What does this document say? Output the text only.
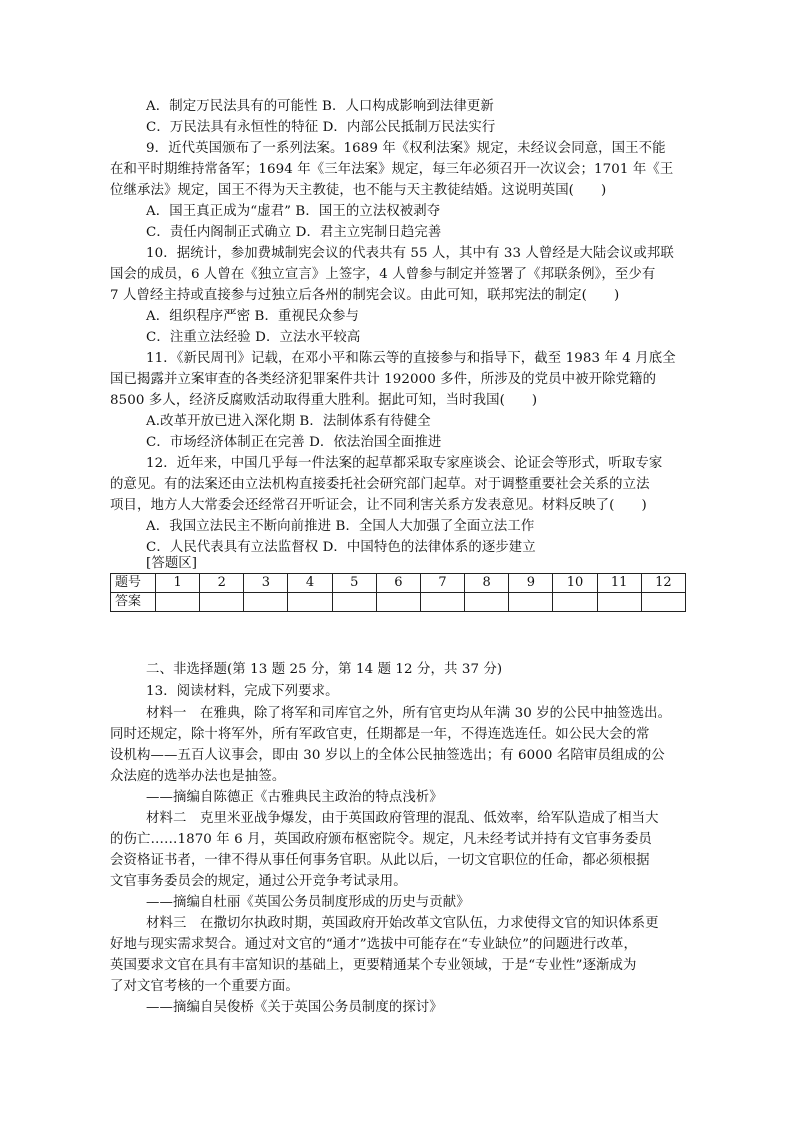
A．制定万民法具有的可能性 B．人口构成影响到法律更新
C．万民法具有永恒性的特征 D．内部公民抵制万民法实行
9．近代英国颁布了一系列法案。1689 年《权利法案》规定，未经议会同意，国王不能
在和平时期维持常备军；1694 年《三年法案》规定，每三年必须召开一次议会；1701 年《王
位继承法》规定，国王不得为天主教徒，也不能与天主教徒结婚。这说明英国(　　)
A．国王真正成为“虚君” B．国王的立法权被剥夺
C．责任内阁制正式确立 D．君主立宪制日趋完善
10．据统计，参加费城制宪会议的代表共有 55 人，其中有 33 人曾经是大陆会议或邦联
国会的成员，6 人曾在《独立宣言》上签字，4 人曾参与制定并签署了《邦联条例》，至少有
7 人曾经主持或直接参与过独立后各州的制宪会议。由此可知，联邦宪法的制定(　　)
A．组织程序严密 B．重视民众参与
C．注重立法经验 D．立法水平较高
11．《新民周刊》记载，在邓小平和陈云等的直接参与和指导下，截至 1983 年 4 月底全
国已揭露并立案审查的各类经济犯罪案件共计 192000 多件，所涉及的党员中被开除党籍的
8500 多人，经济反腐败活动取得重大胜利。据此可知，当时我国(　　)
A.改革开放已进入深化期 B．法制体系有待健全
C．市场经济体制正在完善 D．依法治国全面推进
12．近年来，中国几乎每一件法案的起草都采取专家座谈会、论证会等形式，听取专家
的意见。有的法案还由立法机构直接委托社会研究部门起草。对于调整重要社会关系的立法
项目，地方人大常委会还经常召开听证会，让不同利害关系方发表意见。材料反映了(　　)
A．我国立法民主不断向前推进 B．全国人大加强了全面立法工作
C．人民代表具有立法监督权 D．中国特色的法律体系的逐步建立
[答题区]
题号	1	2	3	4	5	6	7	8	9	10	11	12
答案												
二、非选择题(第 13 题 25 分，第 14 题 12 分，共 37 分)
13．阅读材料，完成下列要求。
材料一　在雅典，除了将军和司库官之外，所有官吏均从年满 30 岁的公民中抽签选出。
同时还规定，除十将军外，所有军政官吏，任期都是一年，不得连选连任。如公民大会的常
设机构——五百人议事会，即由 30 岁以上的全体公民抽签选出；有 6000 名陪审员组成的公
众法庭的选举办法也是抽签。
——摘编自陈德正《古雅典民主政治的特点浅析》
材料二　克里米亚战争爆发，由于英国政府管理的混乱、低效率，给军队造成了相当大
的伤亡……1870 年 6 月，英国政府颁布枢密院令。规定，凡未经考试并持有文官事务委员
会资格证书者，一律不得从事任何事务官职。从此以后，一切文官职位的任命，都必须根据
文官事务委员会的规定，通过公开竞争考试录用。
——摘编自杜丽《英国公务员制度形成的历史与贡献》
材料三　在撒切尔执政时期，英国政府开始改革文官队伍，力求使得文官的知识体系更
好地与现实需求契合。通过对文官的“通才”选拔中可能存在“专业缺位”的问题进行改革，
英国要求文官在具有丰富知识的基础上，更要精通某个专业领域，于是“专业性”逐渐成为
了对文官考核的一个重要方面。
——摘编自吴俊桥《关于英国公务员制度的探讨》
